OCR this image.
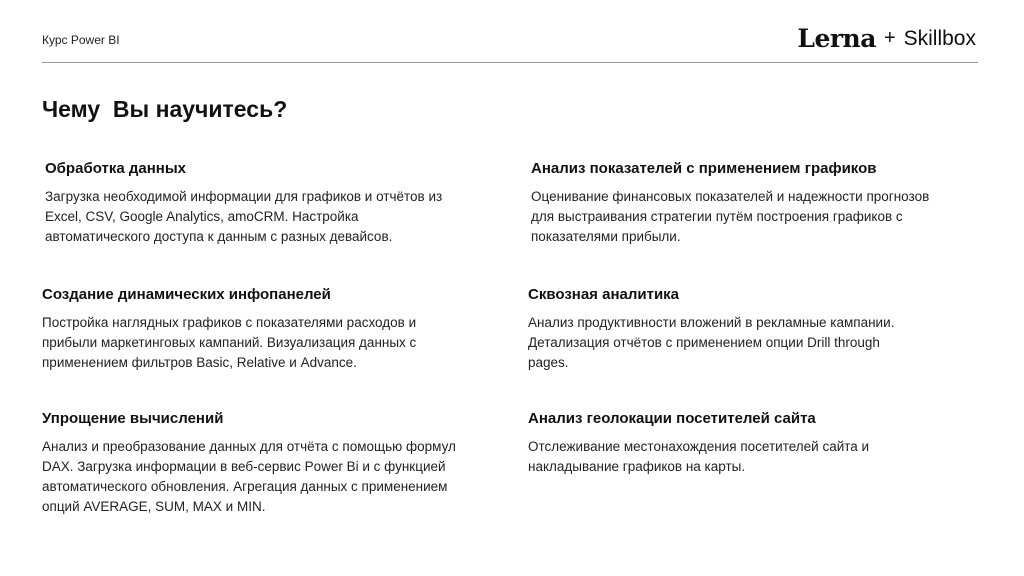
Курс Power BI	Lerna + Skillbox
Чему  Вы научитесь?
Обработка данных

Загрузка необходимой информации для графиков и отчётов из Excel, CSV, Google Analytics, amoCRM. Настройка автоматического доступа к данным с разных девайсов.

Анализ показателей с применением графиков

Оценивание финансовых показателей и надежности прогнозов для выстраивания стратегии путём построения графиков с показателями прибыли.

Создание динамических инфопанелей

Постройка наглядных графиков с показателями расходов и прибыли маркетинговых кампаний. Визуализация данных с применением фильтров Basic, Relative и Advance.

Сквозная аналитика

Анализ продуктивности вложений в рекламные кампании. Детализация отчётов с применением опции Drill through pages.

Упрощение вычислений

Анализ и преобразование данных для отчёта с помощью формул DAX. Загрузка информации в веб-сервис Power Bi и с функцией автоматического обновления. Агрегация данных с применением опций AVERAGE, SUM, MAX и MIN.

Анализ геолокации посетителей сайта

Отслеживание местонахождения посетителей сайта и накладывание графиков на карты.
